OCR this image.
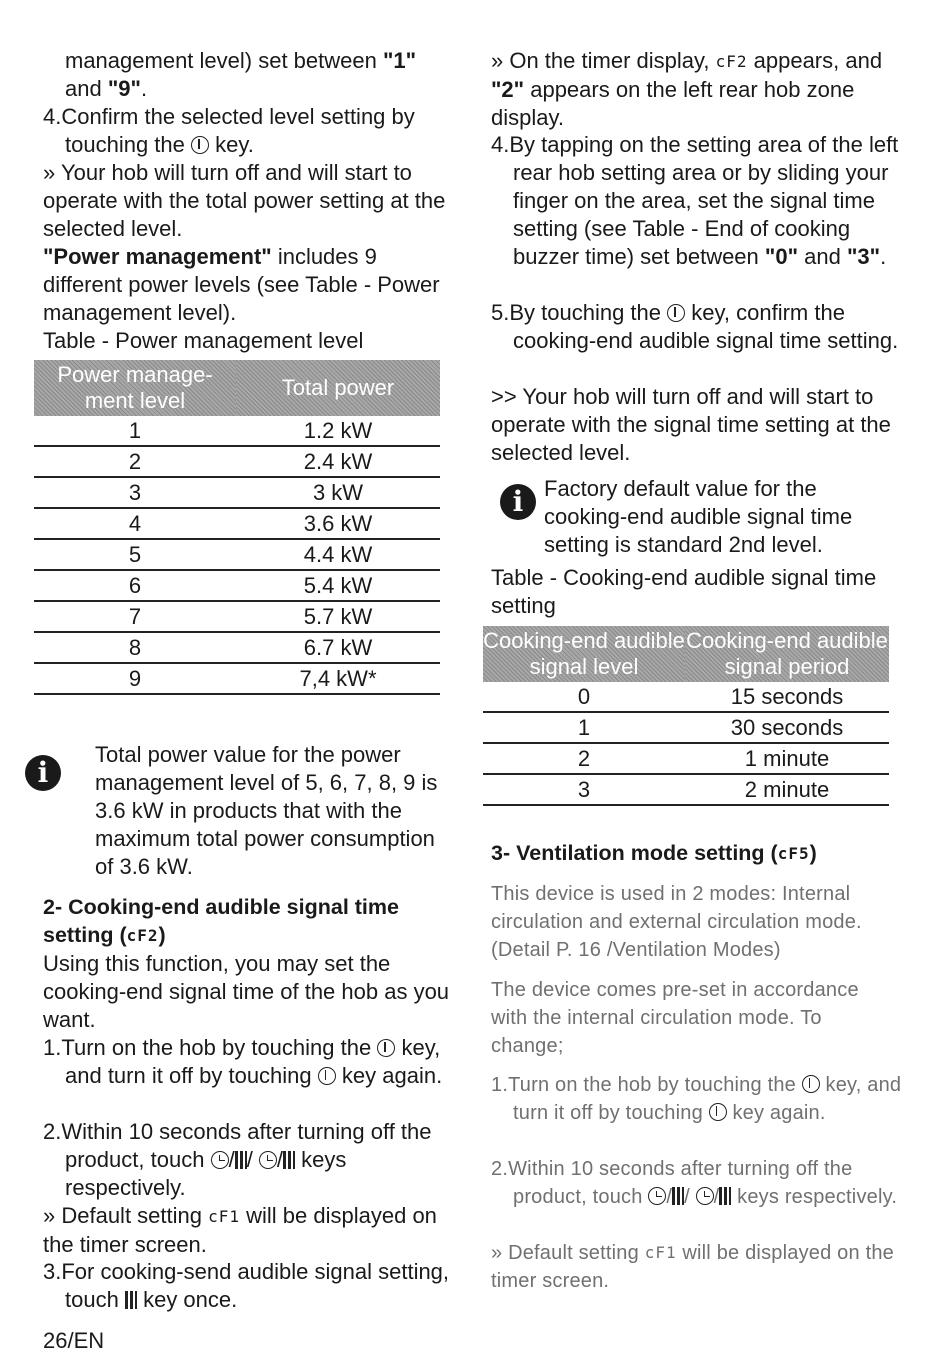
management level) set between "1"
and "9".

4.Confirm the selected level setting by touching the key.

» Your hob will turn off and will start to operate with the total power setting at the selected level.

"Power management" includes 9 different power levels (see Table - Power management level).

Table - Power management level

Power manage-ment level	Total power
1	1.2 kW
2	2.4 kW
3	3 kW
4	3.6 kW
5	4.4 kW
6	5.4 kW
7	5.7 kW
8	6.7 kW
9	7,4 kW*
i

Total power value for the power management level of 5, 6, 7, 8, 9 is 3.6 kW in products that with the maximum total power consumption of 3.6 kW.

2- Cooking-end audible signal time setting (cF2)

Using this function, you may set the cooking-end signal time of the hob as you want.

1.Turn on the hob by touching the key, and turn it off by touching key again.

2.Within 10 seconds after turning off the product, touch / / / keys respectively.

» Default setting cF1 will be displayed on the timer screen.

3.For cooking-send audible signal setting, touch key once.

» On the timer display, cF2 appears, and "2" appears on the left rear hob zone display.

4.By tapping on the setting area of the left rear hob setting area or by sliding your finger on the area, set the signal time setting (see Table - End of cooking buzzer time) set between "0" and "3".

5.By touching the key, confirm the cooking-end audible signal time setting.

>> Your hob will turn off and will start to operate with the signal time setting at the selected level.

i Factory default value for the cooking-end audible signal time setting is standard 2nd level.

Table - Cooking-end audible signal time setting

Cooking-end audible signal level	Cooking-end audible signal period
0	15 seconds
1	30 seconds
2	1 minute
3	2 minute

3- Ventilation mode setting (cF5)

This device is used in 2 modes: Internal circulation and external circulation mode. (Detail P. 16 /Ventilation Modes)

The device comes pre-set in accordance with the internal circulation mode. To change;

1.Turn on the hob by touching the key, and turn it off by touching key again.

2.Within 10 seconds after turning off the product, touch / / / keys respectively.

» Default setting cF1 will be displayed on the timer screen.

26/EN
